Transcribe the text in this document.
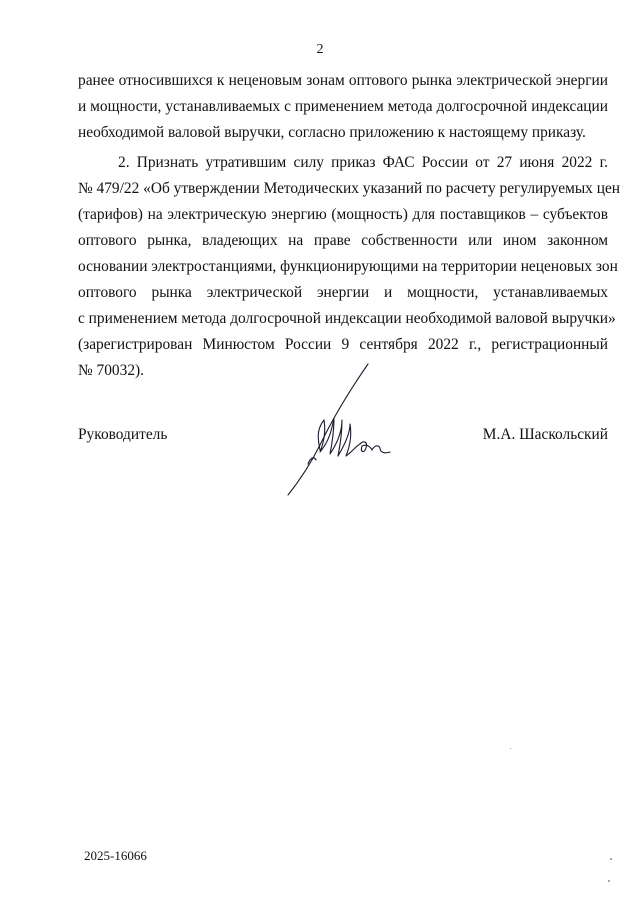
2
ранее относившихся к неценовым зонам оптового рынка электрической энергии
и мощности, устанавливаемых с применением метода долгосрочной индексации
необходимой валовой выручки, согласно приложению к настоящему приказу.
2. Признать утратившим силу приказ ФАС России от 27 июня 2022 г.
№ 479/22 «Об утверждении Методических указаний по расчету регулируемых цен
(тарифов) на электрическую энергию (мощность) для поставщиков – субъектов
оптового рынка, владеющих на праве собственности или ином законном
основании электростанциями, функционирующими на территории неценовых зон
оптового рынка электрической энергии и мощности, устанавливаемых
с применением метода долгосрочной индексации необходимой валовой выручки»
(зарегистрирован Минюстом России 9 сентября 2022 г., регистрационный
№ 70032).
Руководитель	М.А. Шаскольский
2025-16066
